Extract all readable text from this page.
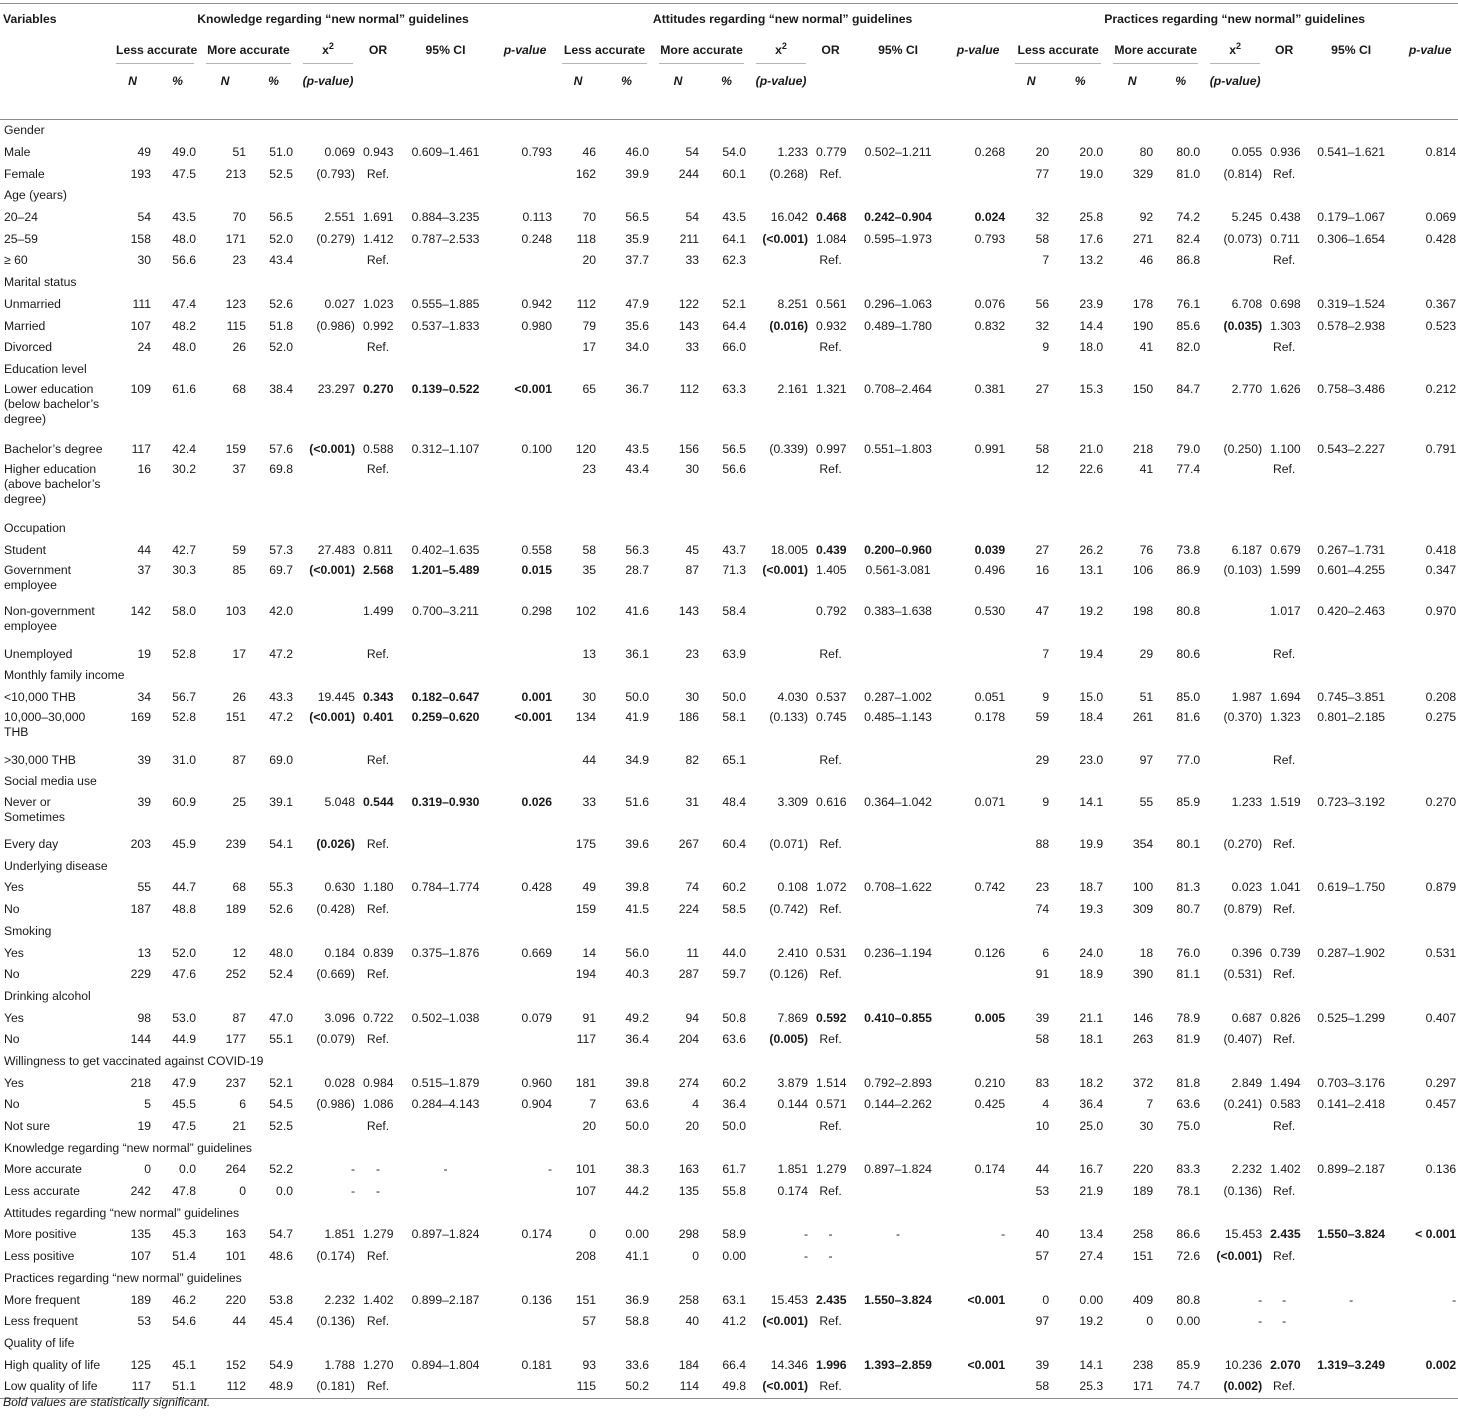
Variables	Knowledge regarding “new normal” guidelines								Attitudes regarding “new normal” guidelines								Practices regarding “new normal” guidelines							

	Less accurate		More accurate		$x^2$	OR	95% CI	p-value	Less accurate		More accurate		$x^2$	OR	95% CI	p-value	Less accurate		More accurate		$x^2$	OR	95% CI	p-value
	N	%	N	%	(p-value)				N	%	N	%	(p-value)				N	%	N	%	(p-value)			
Gender																								
Male	49	49.0	51	51.0	0.069	0.943	0.609–1.461	0.793	46	46.0	54	54.0	1.233	0.779	0.502–1.211	0.268	20	20.0	80	80.0	0.055	0.936	0.541–1.621	0.814
Female	193	47.5	213	52.5	(0.793)	Ref.			162	39.9	244	60.1	(0.268)	Ref.			77	19.0	329	81.0	(0.814)	Ref.		
Age (years)																								
20–24	54	43.5	70	56.5	2.551	1.691	0.884–3.235	0.113	70	56.5	54	43.5	16.042	0.468	0.242–0.904	0.024	32	25.8	92	74.2	5.245	0.438	0.179–1.067	0.069
25–59	158	48.0	171	52.0	(0.279)	1.412	0.787–2.533	0.248	118	35.9	211	64.1	(<0.001)	1.084	0.595–1.973	0.793	58	17.6	271	82.4	(0.073)	0.711	0.306–1.654	0.428
≥ 60	30	56.6	23	43.4		Ref.			20	37.7	33	62.3		Ref.			7	13.2	46	86.8		Ref.		
Marital status																								
Unmarried	111	47.4	123	52.6	0.027	1.023	0.555–1.885	0.942	112	47.9	122	52.1	8.251	0.561	0.296–1.063	0.076	56	23.9	178	76.1	6.708	0.698	0.319–1.524	0.367
Married	107	48.2	115	51.8	(0.986)	0.992	0.537–1.833	0.980	79	35.6	143	64.4	(0.016)	0.932	0.489–1.780	0.832	32	14.4	190	85.6	(0.035)	1.303	0.578–2.938	0.523
Divorced	24	48.0	26	52.0		Ref.			17	34.0	33	66.0		Ref.			9	18.0	41	82.0		Ref.		
Education level																								
Lower education (below bachelor’s degree)	109	61.6	68	38.4	23.297	0.270	0.139–0.522	<0.001	65	36.7	112	63.3	2.161	1.321	0.708–2.464	0.381	27	15.3	150	84.7	2.770	1.626	0.758–3.486	0.212
Bachelor’s degree	117	42.4	159	57.6	(<0.001)	0.588	0.312–1.107	0.100	120	43.5	156	56.5	(0.339)	0.997	0.551–1.803	0.991	58	21.0	218	79.0	(0.250)	1.100	0.543–2.227	0.791
Higher education (above bachelor’s degree)	16	30.2	37	69.8		Ref.			23	43.4	30	56.6		Ref.			12	22.6	41	77.4		Ref.		
Occupation																								
Student	44	42.7	59	57.3	27.483	0.811	0.402–1.635	0.558	58	56.3	45	43.7	18.005	0.439	0.200–0.960	0.039	27	26.2	76	73.8	6.187	0.679	0.267–1.731	0.418
Government employee	37	30.3	85	69.7	(<0.001)	2.568	1.201–5.489	0.015	35	28.7	87	71.3	(<0.001)	1.405	0.561-3.081	0.496	16	13.1	106	86.9	(0.103)	1.599	0.601–4.255	0.347
Non-government employee	142	58.0	103	42.0		1.499	0.700–3.211	0.298	102	41.6	143	58.4		0.792	0.383–1.638	0.530	47	19.2	198	80.8		1.017	0.420–2.463	0.970
Unemployed	19	52.8	17	47.2		Ref.			13	36.1	23	63.9		Ref.			7	19.4	29	80.6		Ref.		
Monthly family income																								
<10,000 THB	34	56.7	26	43.3	19.445	0.343	0.182–0.647	0.001	30	50.0	30	50.0	4.030	0.537	0.287–1.002	0.051	9	15.0	51	85.0	1.987	1.694	0.745–3.851	0.208
10,000–30,000 THB	169	52.8	151	47.2	(<0.001)	0.401	0.259–0.620	<0.001	134	41.9	186	58.1	(0.133)	0.745	0.485–1.143	0.178	59	18.4	261	81.6	(0.370)	1.323	0.801–2.185	0.275
>30,000 THB	39	31.0	87	69.0		Ref.			44	34.9	82	65.1		Ref.			29	23.0	97	77.0		Ref.		
Social media use																								
Never or Sometimes	39	60.9	25	39.1	5.048	0.544	0.319–0.930	0.026	33	51.6	31	48.4	3.309	0.616	0.364–1.042	0.071	9	14.1	55	85.9	1.233	1.519	0.723–3.192	0.270
Every day	203	45.9	239	54.1	(0.026)	Ref.			175	39.6	267	60.4	(0.071)	Ref.			88	19.9	354	80.1	(0.270)	Ref.		
Underlying disease																								
Yes	55	44.7	68	55.3	0.630	1.180	0.784–1.774	0.428	49	39.8	74	60.2	0.108	1.072	0.708–1.622	0.742	23	18.7	100	81.3	0.023	1.041	0.619–1.750	0.879
No	187	48.8	189	52.6	(0.428)	Ref.			159	41.5	224	58.5	(0.742)	Ref.			74	19.3	309	80.7	(0.879)	Ref.		
Smoking																								
Yes	13	52.0	12	48.0	0.184	0.839	0.375–1.876	0.669	14	56.0	11	44.0	2.410	0.531	0.236–1.194	0.126	6	24.0	18	76.0	0.396	0.739	0.287–1.902	0.531
No	229	47.6	252	52.4	(0.669)	Ref.			194	40.3	287	59.7	(0.126)	Ref.			91	18.9	390	81.1	(0.531)	Ref.		
Drinking alcohol																								
Yes	98	53.0	87	47.0	3.096	0.722	0.502–1.038	0.079	91	49.2	94	50.8	7.869	0.592	0.410–0.855	0.005	39	21.1	146	78.9	0.687	0.826	0.525–1.299	0.407
No	144	44.9	177	55.1	(0.079)	Ref.			117	36.4	204	63.6	(0.005)	Ref.			58	18.1	263	81.9	(0.407)	Ref.		
Willingness to get vaccinated against COVID-19																								
Yes	218	47.9	237	52.1	0.028	0.984	0.515–1.879	0.960	181	39.8	274	60.2	3.879	1.514	0.792–2.893	0.210	83	18.2	372	81.8	2.849	1.494	0.703–3.176	0.297
No	5	45.5	6	54.5	(0.986)	1.086	0.284–4.143	0.904	7	63.6	4	36.4	0.144	0.571	0.144–2.262	0.425	4	36.4	7	63.6	(0.241)	0.583	0.141–2.418	0.457
Not sure	19	47.5	21	52.5		Ref.			20	50.0	20	50.0		Ref.			10	25.0	30	75.0		Ref.		
Knowledge regarding “new normal” guidelines																								
More accurate	0	0.0	264	52.2	-	-	-	-	101	38.3	163	61.7	1.851	1.279	0.897–1.824	0.174	44	16.7	220	83.3	2.232	1.402	0.899–2.187	0.136
Less accurate	242	47.8	0	0.0	-	-			107	44.2	135	55.8	0.174	Ref.			53	21.9	189	78.1	(0.136)	Ref.		
Attitudes regarding “new normal” guidelines																								
More positive	135	45.3	163	54.7	1.851	1.279	0.897–1.824	0.174	0	0.00	298	58.9	-	-	-	-	40	13.4	258	86.6	15.453	2.435	1.550–3.824	< 0.001
Less positive	107	51.4	101	48.6	(0.174)	Ref.			208	41.1	0	0.00	-	-			57	27.4	151	72.6	(<0.001)	Ref.		
Practices regarding “new normal” guidelines																								
More frequent	189	46.2	220	53.8	2.232	1.402	0.899–2.187	0.136	151	36.9	258	63.1	15.453	2.435	1.550–3.824	<0.001	0	0.00	409	80.8	-	-	-	-
Less frequent	53	54.6	44	45.4	(0.136)	Ref.			57	58.8	40	41.2	(<0.001)	Ref.			97	19.2	0	0.00	-	-		
Quality of life																								
High quality of life	125	45.1	152	54.9	1.788	1.270	0.894–1.804	0.181	93	33.6	184	66.4	14.346	1.996	1.393–2.859	<0.001	39	14.1	238	85.9	10.236	2.070	1.319–3.249	0.002
Low quality of life	117	51.1	112	48.9	(0.181)	Ref.			115	50.2	114	49.8	(<0.001)	Ref.			58	25.3	171	74.7	(0.002)	Ref.		
Bold values are statistically significant.
